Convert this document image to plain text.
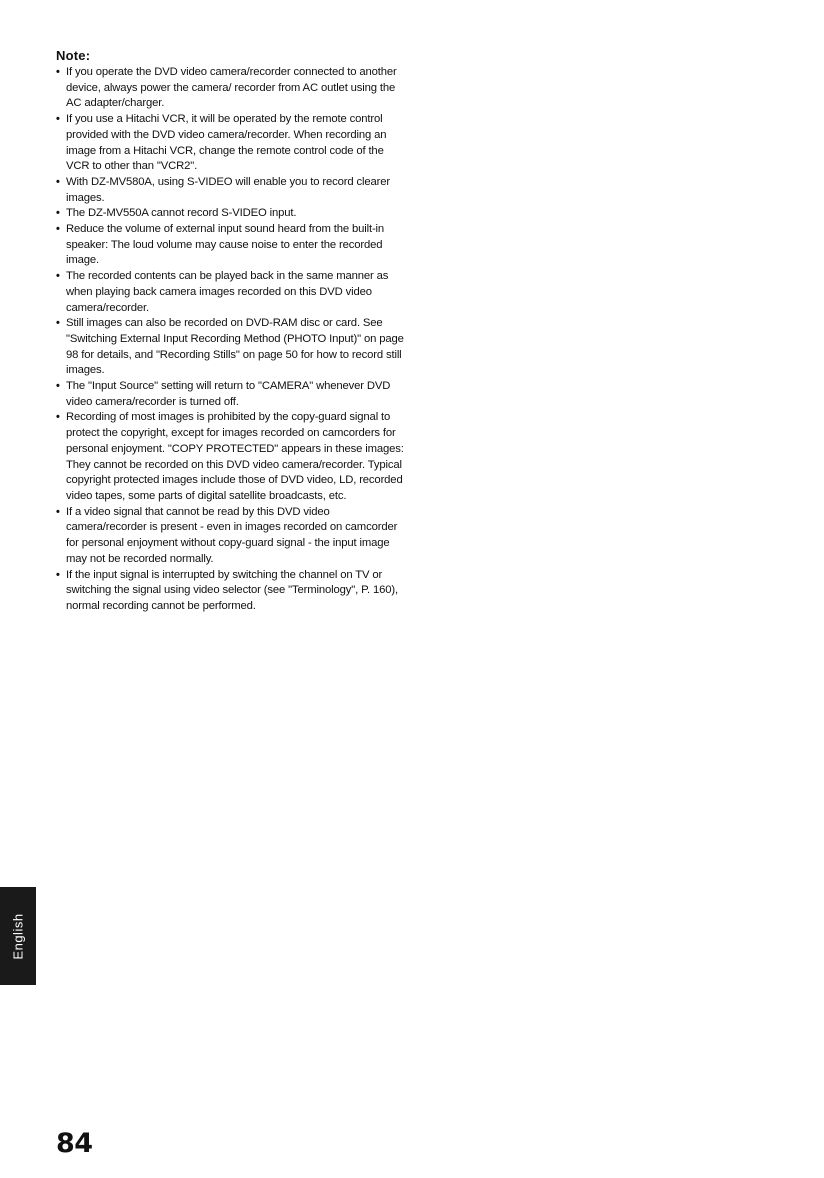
Note:
• If you operate the DVD video camera/recorder connected to another device, always power the camera/ recorder from AC outlet using the AC adapter/charger.
• If you use a Hitachi VCR, it will be operated by the remote control provided with the DVD video camera/recorder. When recording an image from a Hitachi VCR, change the remote control code of the VCR to other than "VCR2".
• With DZ-MV580A, using S-VIDEO will enable you to record clearer images.
• The DZ-MV550A cannot record S-VIDEO input.
• Reduce the volume of external input sound heard from the built-in speaker: The loud volume may cause noise to enter the recorded image.
• The recorded contents can be played back in the same manner as when playing back camera images recorded on this DVD video camera/recorder.
• Still images can also be recorded on DVD-RAM disc or card. See "Switching External Input Recording Method (PHOTO Input)" on page 98 for details, and "Recording Stills" on page 50 for how to record still images.
• The "Input Source" setting will return to "CAMERA" whenever DVD video camera/recorder is turned off.
• Recording of most images is prohibited by the copy-guard signal to protect the copyright, except for images recorded on camcorders for personal enjoyment. "COPY PROTECTED" appears in these images: They cannot be recorded on this DVD video camera/recorder. Typical copyright protected images include those of DVD video, LD, recorded video tapes, some parts of digital satellite broadcasts, etc.
• If a video signal that cannot be read by this DVD video camera/recorder is present - even in images recorded on camcorder for personal enjoyment without copy-guard signal - the input image may not be recorded normally.
• If the input signal is interrupted by switching the channel on TV or switching the signal using video selector (see "Terminology", P. 160), normal recording cannot be performed.
English
84
